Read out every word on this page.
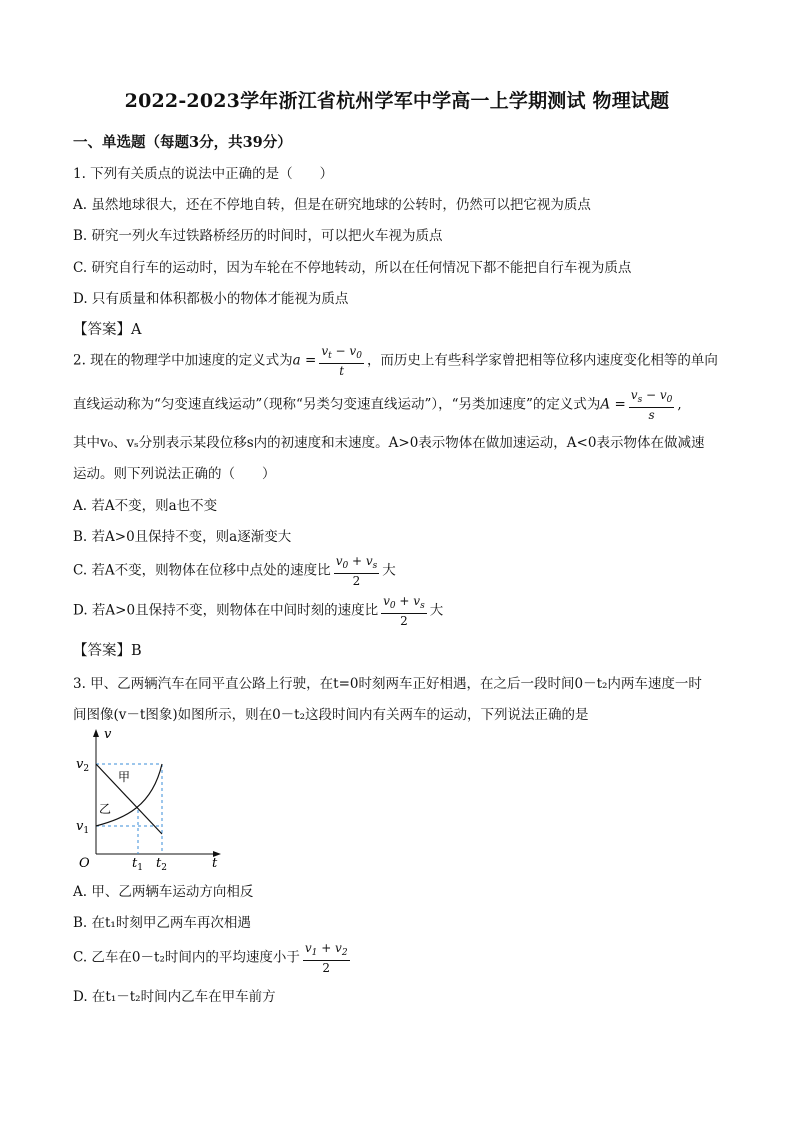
2022-2023学年浙江省杭州学军中学高一上学期测试 物理试题
一、单选题（每题3分，共39分）
1. 下列有关质点的说法中正确的是（　　）
A. 虽然地球很大，还在不停地自转，但是在研究地球的公转时，仍然可以把它视为质点
B. 研究一列火车过铁路桥经历的时间时，可以把火车视为质点
C. 研究自行车的运动时，因为车轮在不停地转动，所以在任何情况下都不能把自行车视为质点
D. 只有质量和体积都极小的物体才能视为质点
【答案】A
2. 现在的物理学中加速度的定义式为$a = \frac{v_t - v_0}{t}$ ，而历史上有些科学家曾把相等位移内速度变化相等的单向
直线运动称为“匀变速直线运动”（现称“另类匀变速直线运动”），“另类加速度”的定义式为$A = \frac{v_s - v_0}{s}$ ,
其中v₀、vₛ分别表示某段位移s内的初速度和末速度。A>0表示物体在做加速运动，A<0表示物体在做减速
运动。则下列说法正确的（　　）
A. 若A不变，则a也不变
B. 若A>0且保持不变，则a逐渐变大
C. 若A不变，则物体在位移中点处的速度比 $\frac{v_0 + v_s}{2}$ 大
D. 若A>0且保持不变，则物体在中间时刻的速度比 $\frac{v_0 + v_s}{2}$ 大
【答案】B
3. 甲、乙两辆汽车在同平直公路上行驶，在t=0时刻两车正好相遇，在之后一段时间0－t₂内两车速度一时
间图像(v－t图象)如图所示，则在0－t₂这段时间内有关两车的运动，下列说法正确的是
v
t
O
$v_2$
$v_1$
$t_1$ $t_2$
甲
乙
A. 甲、乙两辆车运动方向相反
B. 在t₁时刻甲乙两车再次相遇
C. 乙车在0－t₂时间内的平均速度小于 $\frac{v_1 + v_2}{2}$
D. 在t₁－t₂时间内乙车在甲车前方
